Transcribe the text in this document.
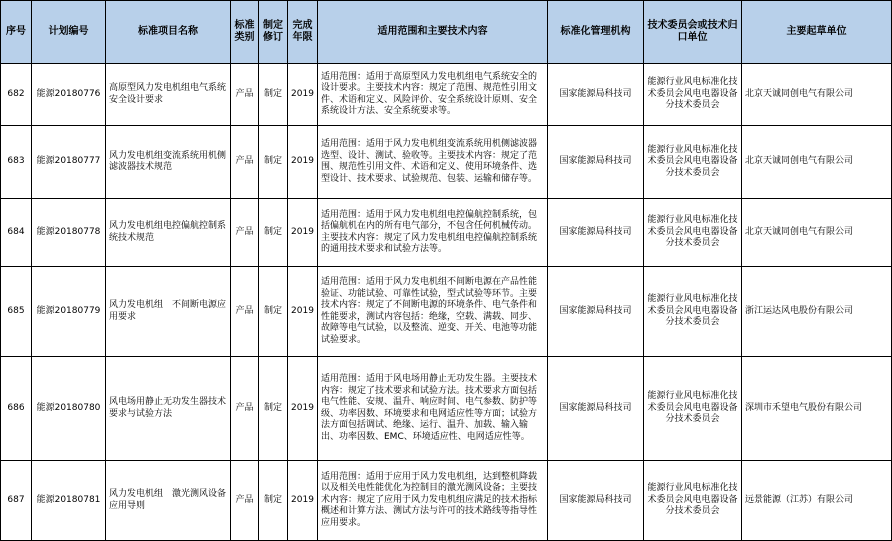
序号	计划编号	标准项目名称	标准类别	制定修订	完成年限	适用范围和主要技术内容	标准化管理机构	技术委员会或技术归口单位	主要起草单位
682	能源20180776	高原型风力发电机组电气系统安全设计要求	产品	制定	2019	适用范围：适用于高原型风力发电机组电气系统安全的设计要求。主要技术内容：规定了范围、规范性引用文件、术语和定义、风险评价、安全系统设计原则、安全系统设计方法、安全系统要求等。	国家能源局科技司	能源行业风电标准化技术委员会风电电器设备分技术委员会	北京天诚同创电气有限公司
683	能源20180777	风力发电机组变流系统用机侧滤波器技术规范	产品	制定	2019	适用范围：适用于风力发电机组变流系统用机侧滤波器选型、设计、测试、验收等。主要技术内容：规定了范围、规范性引用文件、术语和定义、使用环境条件、选型设计、技术要求、试验规范、包装、运输和储存等。	国家能源局科技司	能源行业风电标准化技术委员会风电电器设备分技术委员会	北京天诚同创电气有限公司
684	能源20180778	风力发电机组电控偏航控制系统技术规范	产品	制定	2019	适用范围：适用于风力发电机组电控偏航控制系统，包括偏航机在内的所有电气部分，不包含任何机械传动。主要技术内容：规定了风力发电机组电控偏航控制系统的通用技术要求和试验方法等。	国家能源局科技司	能源行业风电标准化技术委员会风电电器设备分技术委员会	北京天诚同创电气有限公司
685	能源20180779	风力发电机组　不间断电源应用要求	产品	制定	2019	适用范围：适用于风力发电机组不间断电源在产品性能验证、功能试验、可靠性试验，型式试验等环节。主要技术内容：规定了不间断电源的环境条件、电气条件和性能要求，测试内容包括：绝缘，空载、满载、同步、故障等电气试验，以及整流、逆变、开关、电池等功能试验要求。	国家能源局科技司	能源行业风电标准化技术委员会风电电器设备分技术委员会	浙江运达风电股份有限公司
686	能源20180780	风电场用静止无功发生器技术要求与试验方法	产品	制定	2019	适用范围：适用于风电场用静止无功发生器。主要技术内容：规定了技术要求和试验方法。技术要求方面包括电气性能、安规、温升、响应时间、电气参数、防护等级、功率因数、环境要求和电网适应性等方面；试验方法方面包括调试、绝缘、运行、温升、加载、输入输出、功率因数、EMC、环境适应性、电网适应性等。	国家能源局科技司	能源行业风电标准化技术委员会风电电器设备分技术委员会	深圳市禾望电气股份有限公司
687	能源20180781	风力发电机组　激光测风设备　应用导则	产品	制定	2019	适用范围：适用于应用于风力发电机组，达到整机降载以及相关电性能优化为控制目的激光测风设备；主要技术内容：规定了应用于风力发电机组应满足的技术指标概述和计算方法、测试方法与许可的技术路线等指导性应用要求。	国家能源局科技司	能源行业风电标准化技术委员会风电电器设备分技术委员会	远景能源（江苏）有限公司
